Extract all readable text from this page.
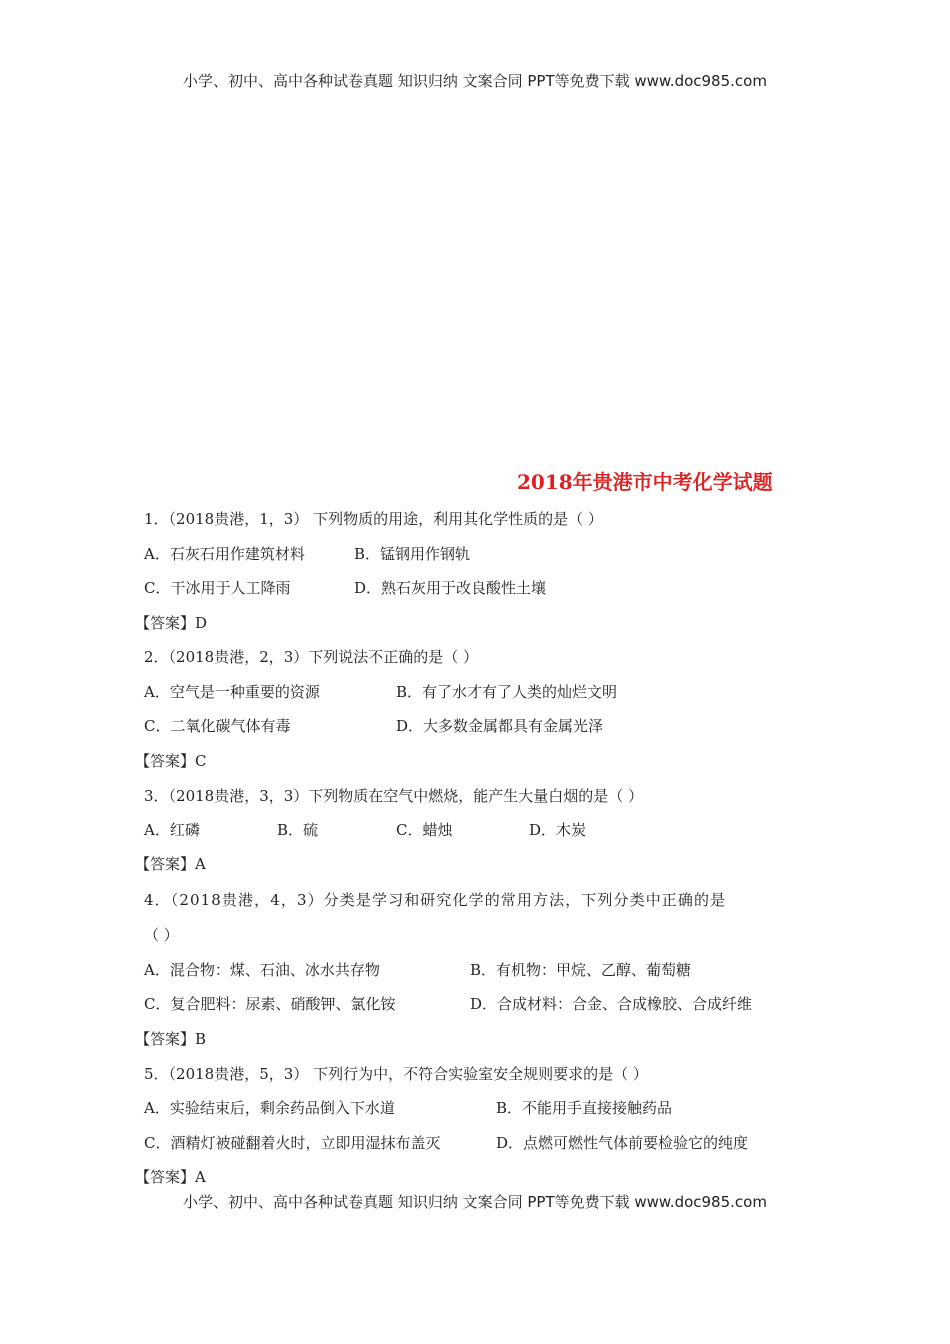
小学、初中、高中各种试卷真题 知识归纳 文案合同 PPT等免费下载 www.doc985.com
2018年贵港市中考化学试题
1．（2018贵港，1，3） 下列物质的用途，利用其化学性质的是（ ）
A．石灰石用作建筑材料	B．锰钢用作钢轨
C．干冰用于人工降雨	D．熟石灰用于改良酸性土壤
【答案】D
2．（2018贵港，2，3）下列说法不正确的是（ ）
A．空气是一种重要的资源	B．有了水才有了人类的灿烂文明
C．二氧化碳气体有毒	D．大多数金属都具有金属光泽
【答案】C
3．（2018贵港，3，3）下列物质在空气中燃烧，能产生大量白烟的是（ ）
A．红磷	B．硫	C．蜡烛	D．木炭
【答案】A
4．（2018贵港，4，3）分类是学习和研究化学的常用方法，下列分类中正确的是
（ ）
A．混合物：煤、石油、冰水共存物	B．有机物：甲烷、乙醇、葡萄糖
C．复合肥料：尿素、硝酸钾、氯化铵	D．合成材料：合金、合成橡胶、合成纤维
【答案】B
5．（2018贵港，5，3） 下列行为中，不符合实验室安全规则要求的是（ ）
A．实验结束后，剩余药品倒入下水道	B．不能用手直接接触药品
C．酒精灯被碰翻着火时，立即用湿抹布盖灭	D．点燃可燃性气体前要检验它的纯度
【答案】A
小学、初中、高中各种试卷真题 知识归纳 文案合同 PPT等免费下载 www.doc985.com
